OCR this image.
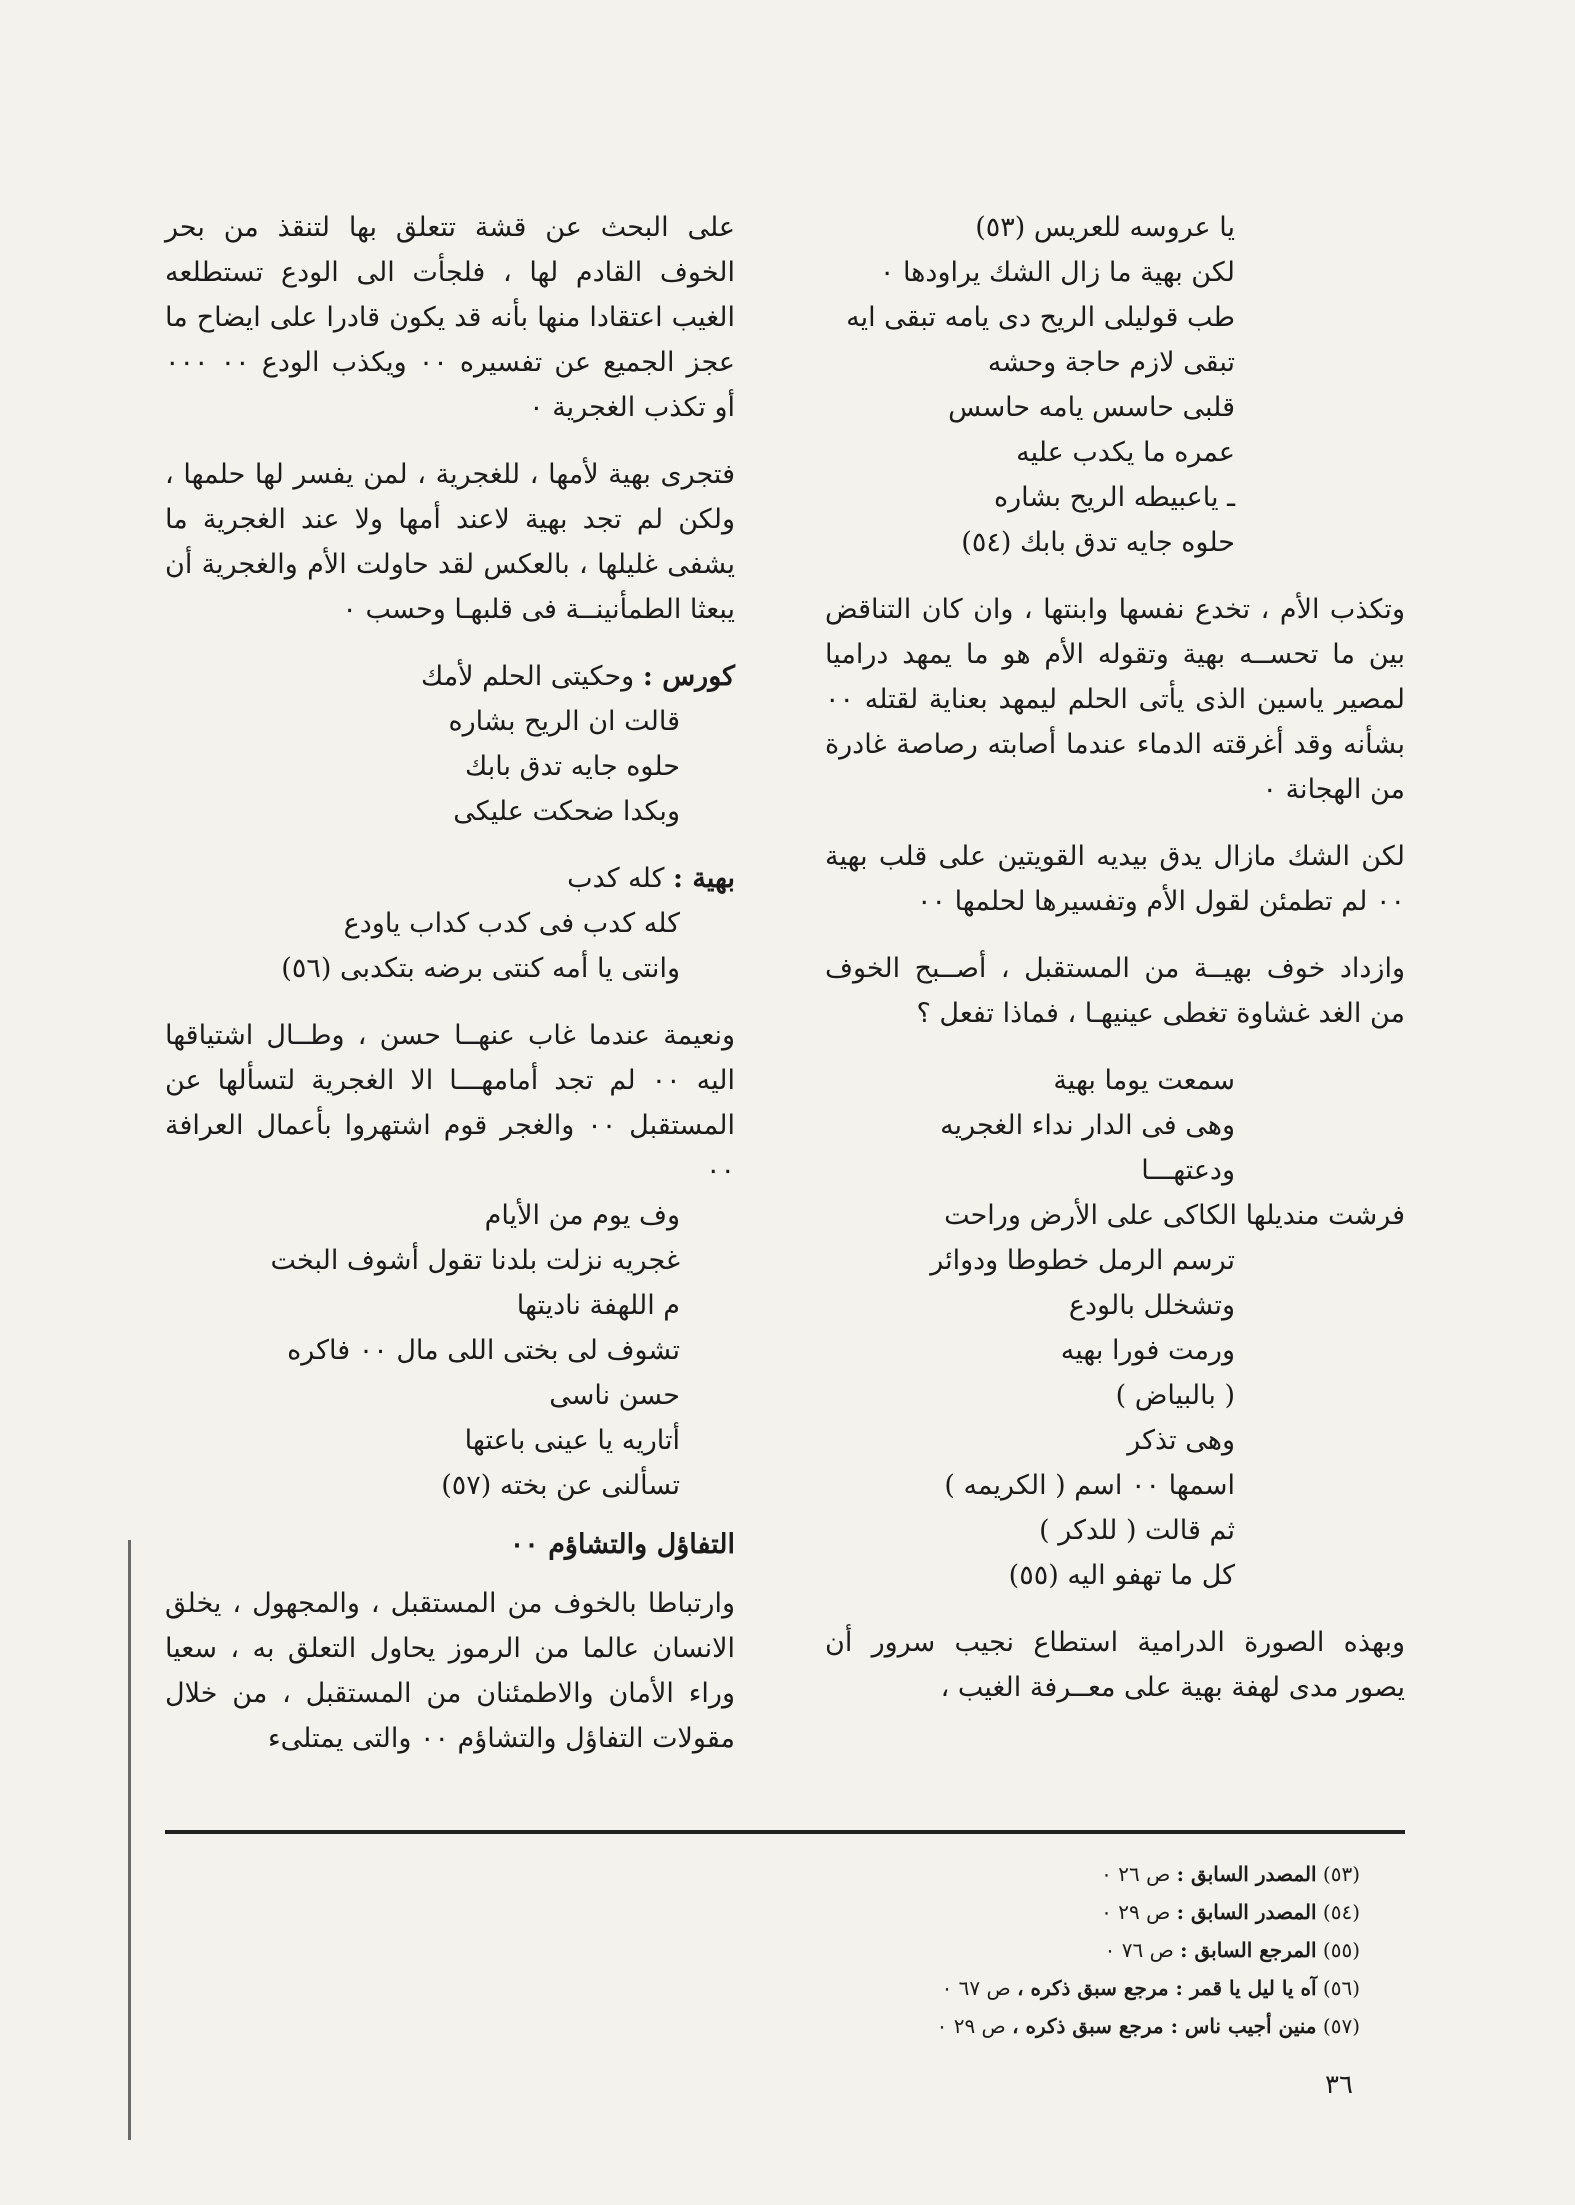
يا عروسه للعريس (٥٣)
لكن بهية ما زال الشك يراودها ٠
طب قوليلى الريح دى يامه تبقى ايه
تبقى لازم حاجة وحشه
قلبى حاسس يامه حاسس
عمره ما يكدب عليه
ـ ياعبيطه الريح بشاره
حلوه جايه تدق بابك (٥٤)

وتكذب الأم ، تخدع نفسها وابنتها ، وان كان التناقض بين ما تحســه بهية وتقوله الأم هو ما يمهد دراميا لمصير ياسين الذى يأتى الحلم ليمهد بعناية لقتله ٠٠ بشأنه وقد أغرقته الدماء عندما أصابته رصاصة غادرة من الهجانة ٠

لكن الشك مازال يدق بيديه القويتين على قلب بهية ٠٠ لم تطمئن لقول الأم وتفسيرها لحلمها ٠٠

وازداد خوف بهيــة من المستقبل ، أصــبح الخوف من الغد غشاوة تغطى عينيهـا ، فماذا تفعل ؟

سمعت يوما بهية
وهى فى الدار نداء الغجريه
ودعتهـــا
فرشت منديلها الكاكى على الأرض وراحت
ترسم الرمل خطوطا ودوائر
وتشخلل بالودع
ورمت فورا بهيه
( بالبياض )
وهى تذكر
اسمها ٠٠ اسم ( الكريمه )
ثم قالت ( للدكر )
كل ما تهفو اليه (٥٥)

وبهذه الصورة الدرامية استطاع نجيب سرور أن يصور مدى لهفة بهية على معــرفة الغيب ،

على البحث عن قشة تتعلق بها لتنقذ من بحر الخوف القادم لها ، فلجأت الى الودع تستطلعه الغيب اعتقادا منها بأنه قد يكون قادرا على ايضاح ما عجز الجميع عن تفسيره ٠٠ ويكذب الودع ٠٠ ٠٠٠ أو تكذب الغجرية ٠

فتجرى بهية لأمها ، للغجرية ، لمن يفسر لها حلمها ، ولكن لم تجد بهية لاعند أمها ولا عند الغجرية ما يشفى غليلها ، بالعكس لقد حاولت الأم والغجرية أن يبعثا الطمأنينــة فى قلبهـا وحسب ٠

كورس : وحكيتى الحلم لأمك
قالت ان الريح بشاره
حلوه جايه تدق بابك
وبكدا ضحكت عليكى
بهية : كله كدب
كله كدب فى كدب كداب ياودع
وانتى يا أمه كنتى برضه بتكدبى (٥٦)

ونعيمة عندما غاب عنهــا حسن ، وطــال اشتياقها اليه ٠٠ لم تجد أمامهـــا الا الغجرية لتسألها عن المستقبل ٠٠ والغجر قوم اشتهروا بأعمال العرافة ٠٠

وف يوم من الأيام
غجريه نزلت بلدنا تقول أشوف البخت
م اللهفة ناديتها
تشوف لى بختى اللى مال ٠٠ فاكره
حسن ناسى
أتاريه يا عينى باعتها
تسألنى عن بخته (٥٧)
التفاؤل والتشاؤم ٠٠

وارتباطا بالخوف من المستقبل ، والمجهول ، يخلق الانسان عالما من الرموز يحاول التعلق به ، سعيا وراء الأمان والاطمئنان من المستقبل ، من خلال مقولات التفاؤل والتشاؤم ٠٠ والتى يمتلىء

(٥٣) المصدر السابق : ص ٢٦ ٠
(٥٤) المصدر السابق : ص ٢٩ ٠
(٥٥) المرجع السابق : ص ٧٦ ٠
(٥٦) آه يا ليل يا قمر : مرجع سبق ذكره ، ص ٦٧ ٠
(٥٧) منين أجيب ناس : مرجع سبق ذكره ، ص ٢٩ ٠
٣٦
